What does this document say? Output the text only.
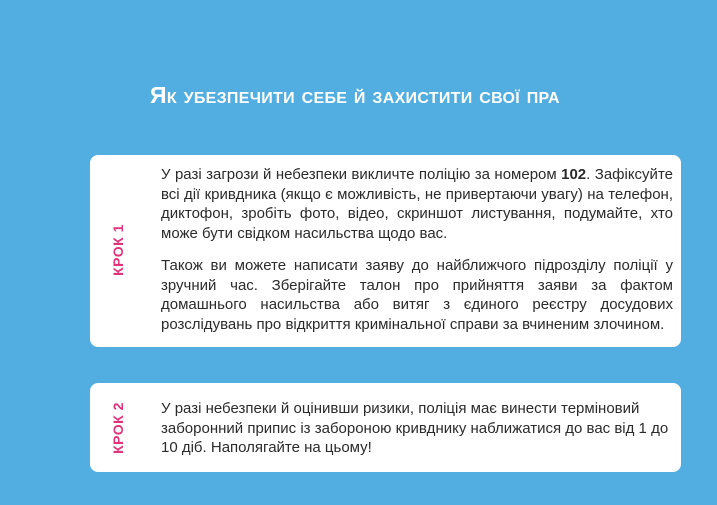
Як убезпечити себе й захистити свої пра
КРОК 1

У разі загрози й небезпеки викличте поліцію за номером 102. Зафіксуйте всі дії кривдника (якщо є можливість, не привертаючи увагу) на телефон, диктофон, зробіть фото, відео, скриншот листування, подумайте, хто може бути свідком насильства щодо вас.

Також ви можете написати заяву до найближчого підрозділу поліції у зручний час. Зберігайте талон про прийняття заяви за фактом домашнього насильства або витяг з єдиного реєстру досудових розслідувань про відкриття кримінальної справи за вчиненим злочином.

КРОК 2 У разі небезпеки й оцінивши ризики, поліція має винести терміновий заборонний припис із забороною кривднику наближатися до вас від 1 до 10 діб. Наполягайте на цьому!
